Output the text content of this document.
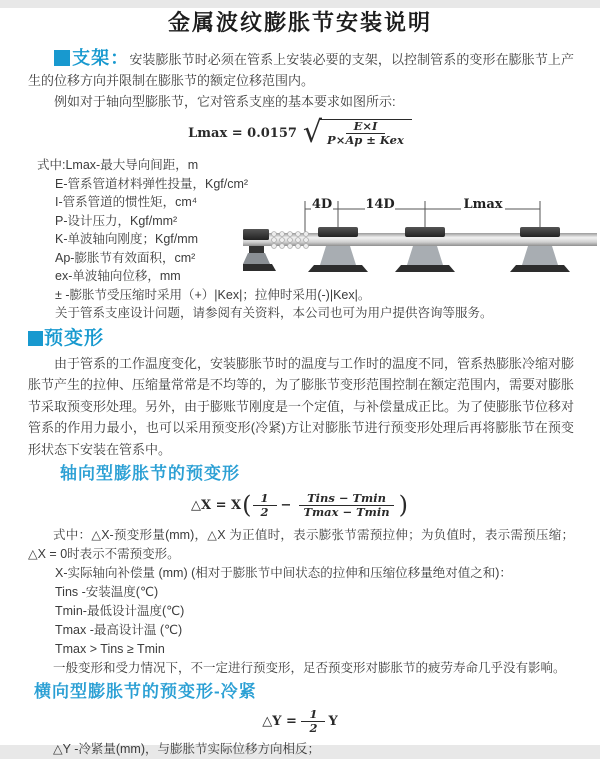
金属波纹膨胀节安装说明

支架：安装膨胀节时必须在管系上安装必要的支架，以控制管系的变形在膨胀节上产生的位移方向并限制在膨胀节的额定位移范围内。

例如对于轴向型膨胀节，它对管系支座的基本要求如图所示:

Lmax = 0.0157 √
$\frac{E\times I}{\text{P×Ap ± Kex}}$
式中:Lmax-最大导向间距，m
E-管系管道材料弹性投量，Kgf/cm²
I-管系管道的惯性矩，cm⁴
P-设计压力，Kgf/mm²
K-单波轴向刚度；Kgf/mm
Ap-膨胀节有效面积，cm²
ex-单波轴向位移，mm
± -膨胀节受压缩时采用（+）|Kex|；拉伸时采用(-)|Kex|。
关于管系支座设计问题，请参阅有关资料，本公司也可为用户提供咨询等服务。
4D	14D	Lmax
预变形

由于管系的工作温度变化，安装膨胀节时的温度与工作时的温度不同，管系热膨胀冷缩对膨胀节产生的拉伸、压缩量常常是不均等的，为了膨胀节变形范围控制在额定范围内，需要对膨胀节采取预变形处理。另外，由于膨账节刚度是一个定值，与补偿量成正比。为了使膨胀节位移对管系的作用力最小，也可以采用预变形(冷紧)方让对膨胀节进行预变形处理后再将膨胀节在预变形状态下安装在管系中。

轴向型膨胀节的预变形
△X = X ( $\frac{1}{2} - \frac{\text{Tins − Tmin}}{Tmax - Tmin}$ )

式中：△X-预变形量(mm)，△X 为正值时，表示膨张节需预拉伸；为负值时，表示需预压缩；△X = 0时表示不需预变形。

X-实际轴向补偿量 (mm) (相对于膨胀节中间状态的拉伸和压缩位移量绝对值之和)：

Tins -安装温度(℃)

Tmin-最低设计温度(℃)

Tmax -最高设计温 (℃)

Tmax > Tins ≥ Tmin

一般变形和受力情况下，不一定进行预变形，足否预变形对膨胀节的疲劳寿命几乎没有影响。

横向型膨胀节的预变形-冷紧
△Y =
$\frac{1}{2}$ Y

△Y -冷紧量(mm)，与膨胀节实际位移方向相反；
